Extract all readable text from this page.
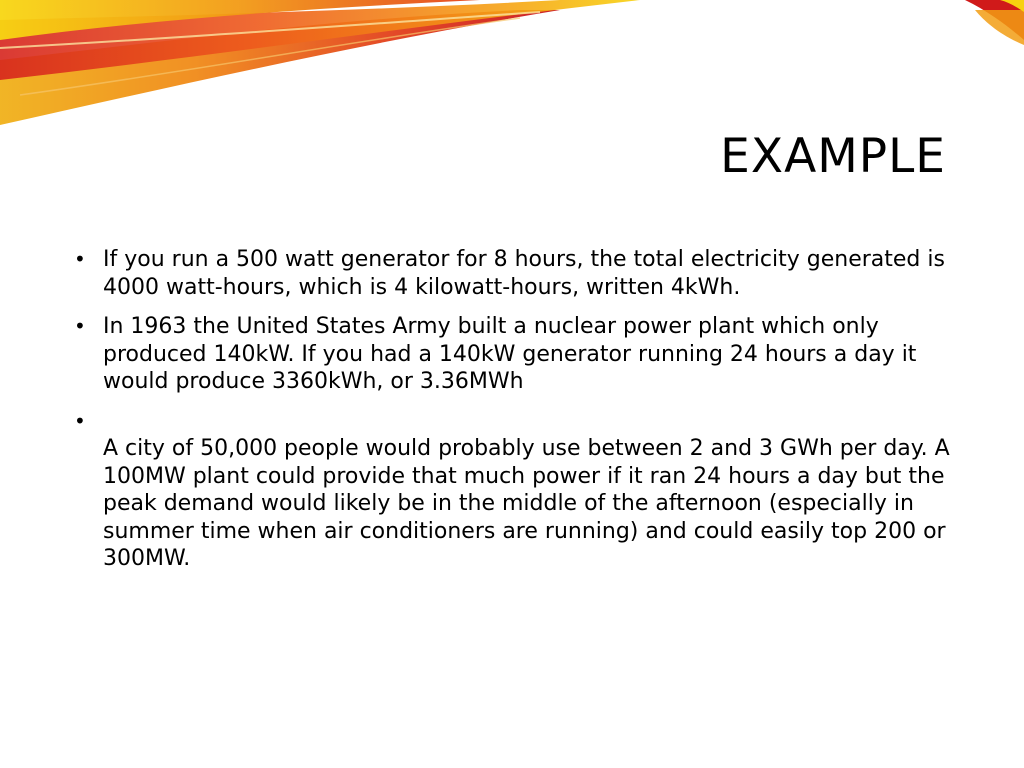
EXAMPLE
• If you run a 500 watt generator for 8 hours, the total electricity generated is 4000 watt-hours, which is 4 kilowatt-hours, written 4kWh.
• In 1963 the United States Army built a nuclear power plant which only produced 140kW. If you had a 140kW generator running 24 hours a day it would produce 3360kWh, or 3.36MWh
•
A city of 50,000 people would probably use between 2 and 3 GWh per day. A 100MW plant could provide that much power if it ran 24 hours a day but the peak demand would likely be in the middle of the afternoon (especially in summer time when air conditioners are running) and could easily top 200 or 300MW.
